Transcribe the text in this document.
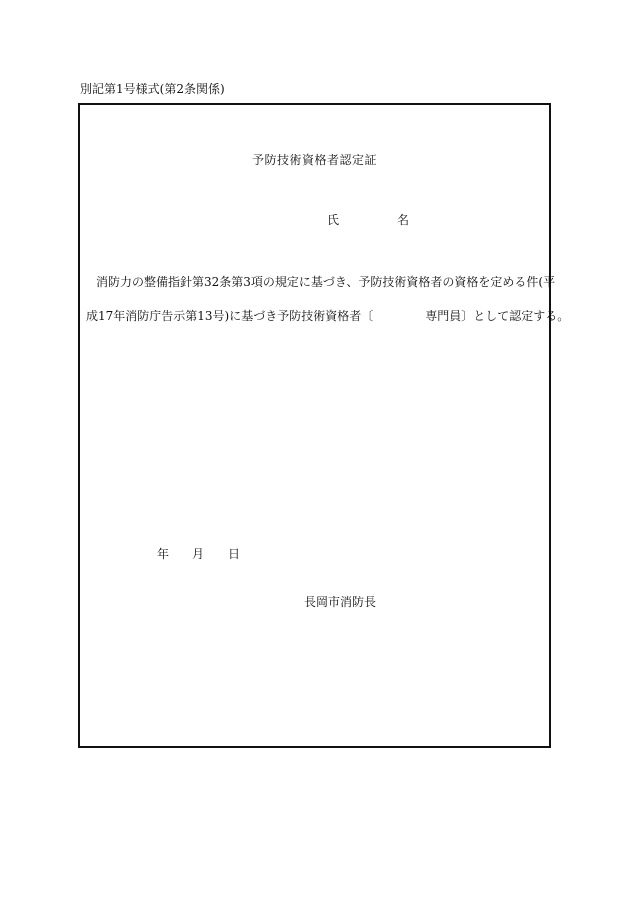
別記第1号様式(第2条関係)
予防技術資格者認定証
氏	名
消防力の整備指針第32条第3項の規定に基づき、予防技術資格者の資格を定める件(平
成17年消防庁告示第13号)に基づき予防技術資格者〔	専門員〕として認定する。
年 月 日
長岡市消防長
